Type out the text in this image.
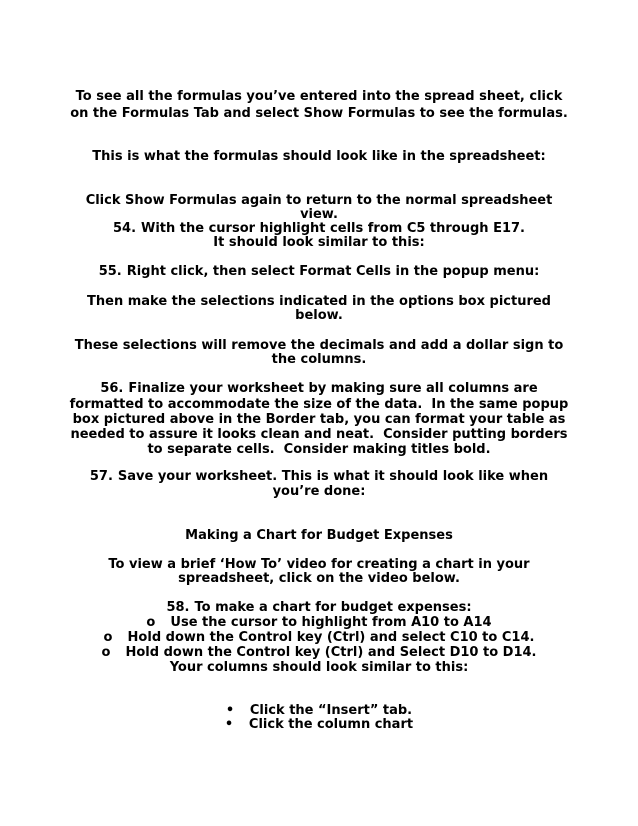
To see all the formulas you’ve entered into the spread sheet, click
on the Formulas Tab and select Show Formulas to see the formulas.
This is what the formulas should look like in the spreadsheet:
Click Show Formulas again to return to the normal spreadsheet
view.
54. With the cursor highlight cells from C5 through E17.
It should look similar to this:
55. Right click, then select Format Cells in the popup menu:
Then make the selections indicated in the options box pictured
below.
These selections will remove the decimals and add a dollar sign to
the columns.
56. Finalize your worksheet by making sure all columns are
formatted to accommodate the size of the data.  In the same popup
box pictured above in the Border tab, you can format your table as
needed to assure it looks clean and neat.  Consider putting borders
to separate cells.  Consider making titles bold.
57. Save your worksheet. This is what it should look like when
you’re done:
Making a Chart for Budget Expenses
To view a brief ‘How To’ video for creating a chart in your
spreadsheet, click on the video below.
58. To make a chart for budget expenses:
o Use the cursor to highlight from A10 to A14
o Hold down the Control key (Ctrl) and select C10 to C14.
o Hold down the Control key (Ctrl) and Select D10 to D14.
Your columns should look similar to this:
• Click the “Insert” tab.
• Click the column chart
